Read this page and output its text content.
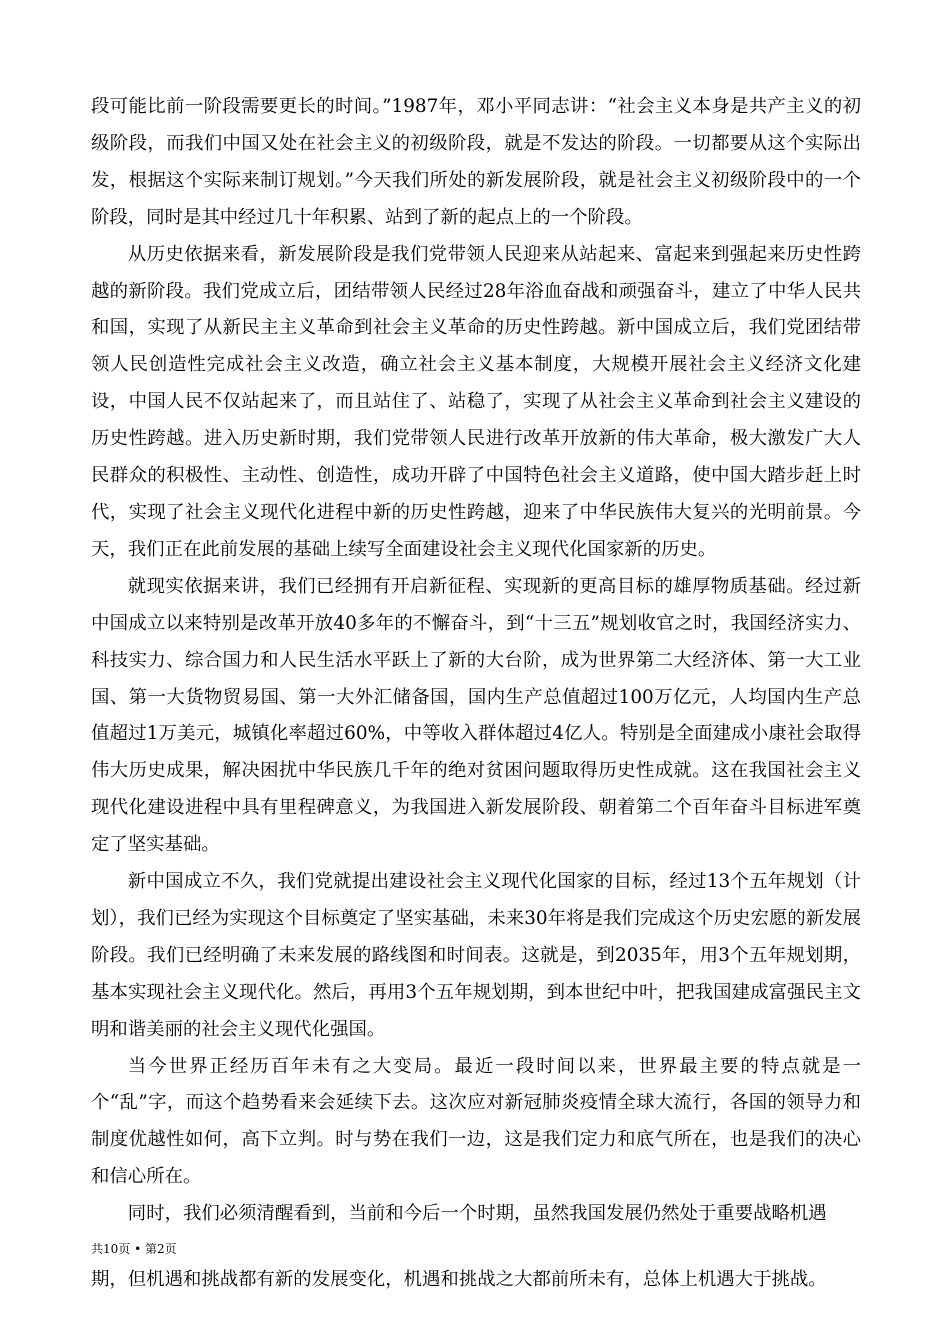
段可能比前一阶段需要更长的时间。”1987年，邓小平同志讲：“社会主义本身是共产主义的初级阶段，而我们中国又处在社会主义的初级阶段，就是不发达的阶段。一切都要从这个实际出发，根据这个实际来制订规划。”今天我们所处的新发展阶段，就是社会主义初级阶段中的一个阶段，同时是其中经过几十年积累、站到了新的起点上的一个阶段。

从历史依据来看，新发展阶段是我们党带领人民迎来从站起来、富起来到强起来历史性跨越的新阶段。我们党成立后，团结带领人民经过28年浴血奋战和顽强奋斗，建立了中华人民共和国，实现了从新民主主义革命到社会主义革命的历史性跨越。新中国成立后，我们党团结带领人民创造性完成社会主义改造，确立社会主义基本制度，大规模开展社会主义经济文化建设，中国人民不仅站起来了，而且站住了、站稳了，实现了从社会主义革命到社会主义建设的历史性跨越。进入历史新时期，我们党带领人民进行改革开放新的伟大革命，极大激发广大人民群众的积极性、主动性、创造性，成功开辟了中国特色社会主义道路，使中国大踏步赶上时代，实现了社会主义现代化进程中新的历史性跨越，迎来了中华民族伟大复兴的光明前景。今天，我们正在此前发展的基础上续写全面建设社会主义现代化国家新的历史。

就现实依据来讲，我们已经拥有开启新征程、实现新的更高目标的雄厚物质基础。经过新中国成立以来特别是改革开放40多年的不懈奋斗，到“十三五”规划收官之时，我国经济实力、科技实力、综合国力和人民生活水平跃上了新的大台阶，成为世界第二大经济体、第一大工业国、第一大货物贸易国、第一大外汇储备国，国内生产总值超过100万亿元，人均国内生产总值超过1万美元，城镇化率超过60%，中等收入群体超过4亿人。特别是全面建成小康社会取得伟大历史成果，解决困扰中华民族几千年的绝对贫困问题取得历史性成就。这在我国社会主义现代化建设进程中具有里程碑意义，为我国进入新发展阶段、朝着第二个百年奋斗目标进军奠定了坚实基础。

新中国成立不久，我们党就提出建设社会主义现代化国家的目标，经过13个五年规划（计划），我们已经为实现这个目标奠定了坚实基础，未来30年将是我们完成这个历史宏愿的新发展阶段。我们已经明确了未来发展的路线图和时间表。这就是，到2035年，用3个五年规划期，基本实现社会主义现代化。然后，再用3个五年规划期，到本世纪中叶，把我国建成富强民主文明和谐美丽的社会主义现代化强国。

当今世界正经历百年未有之大变局。最近一段时间以来，世界最主要的特点就是一个“乱”字，而这个趋势看来会延续下去。这次应对新冠肺炎疫情全球大流行，各国的领导力和制度优越性如何，高下立判。时与势在我们一边，这是我们定力和底气所在，也是我们的决心和信心所在。

同时，我们必须清醒看到，当前和今后一个时期，虽然我国发展仍然处于重要战略机遇

共10页 • 第2页

期，但机遇和挑战都有新的发展变化，机遇和挑战之大都前所未有，总体上机遇大于挑战。
